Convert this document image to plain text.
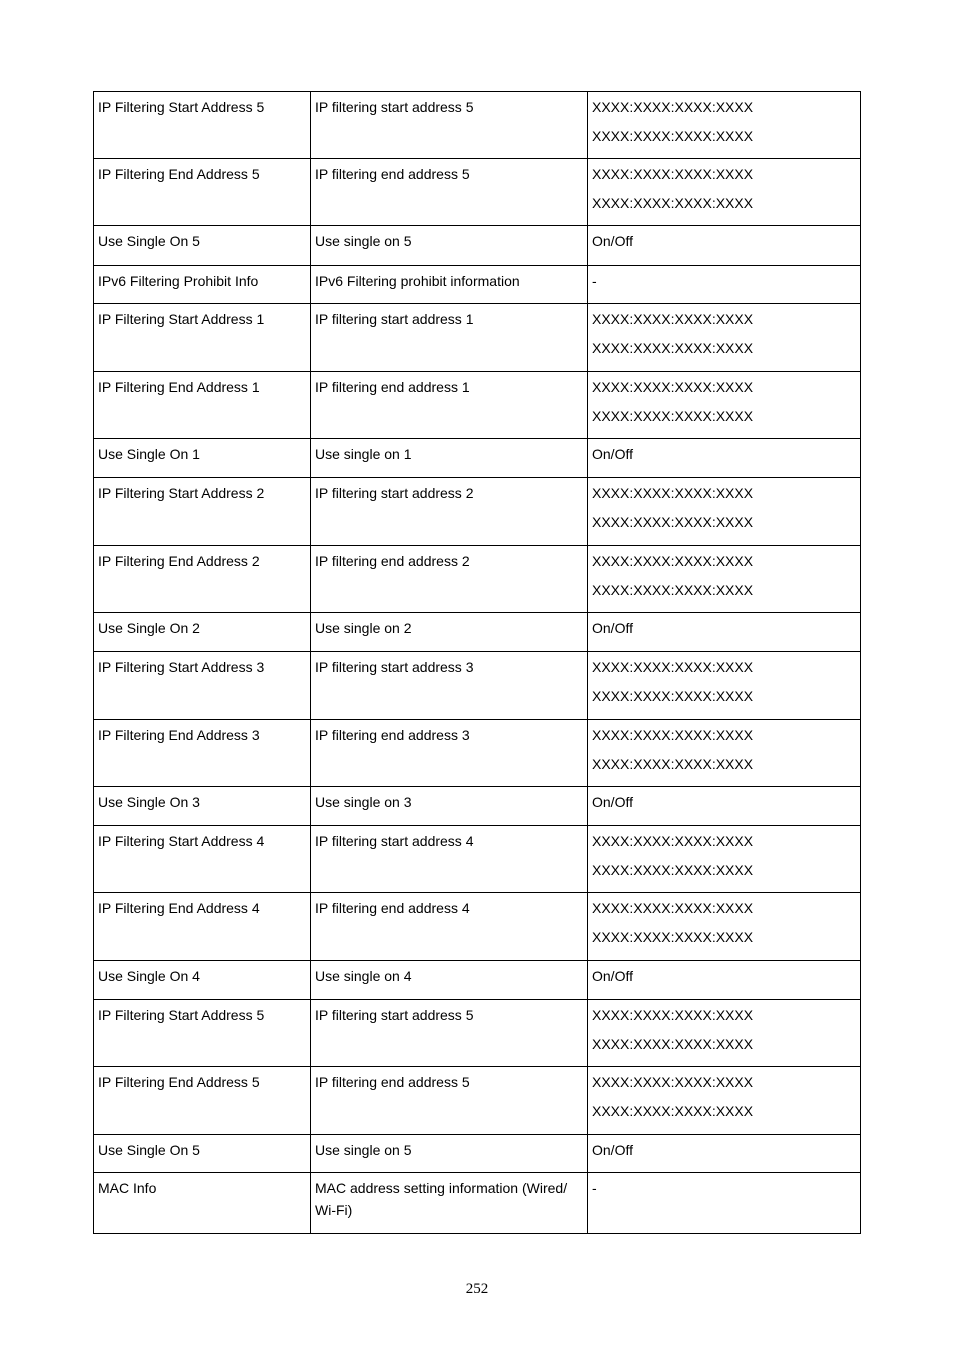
IP Filtering Start Address 5	IP filtering start address 5	XXXX:XXXX:XXXX:XXXX
XXXX:XXXX:XXXX:XXXX

IP Filtering End Address 5	IP filtering end address 5	XXXX:XXXX:XXXX:XXXX
XXXX:XXXX:XXXX:XXXX

Use Single On 5	Use single on 5	On/Off

IPv6 Filtering Prohibit Info	IPv6 Filtering prohibit information	-

IP Filtering Start Address 1	IP filtering start address 1	XXXX:XXXX:XXXX:XXXX
XXXX:XXXX:XXXX:XXXX

IP Filtering End Address 1	IP filtering end address 1	XXXX:XXXX:XXXX:XXXX
XXXX:XXXX:XXXX:XXXX

Use Single On 1	Use single on 1	On/Off

IP Filtering Start Address 2	IP filtering start address 2	XXXX:XXXX:XXXX:XXXX
XXXX:XXXX:XXXX:XXXX

IP Filtering End Address 2	IP filtering end address 2	XXXX:XXXX:XXXX:XXXX
XXXX:XXXX:XXXX:XXXX

Use Single On 2	Use single on 2	On/Off

IP Filtering Start Address 3	IP filtering start address 3	XXXX:XXXX:XXXX:XXXX
XXXX:XXXX:XXXX:XXXX

IP Filtering End Address 3	IP filtering end address 3	XXXX:XXXX:XXXX:XXXX
XXXX:XXXX:XXXX:XXXX

Use Single On 3	Use single on 3	On/Off

IP Filtering Start Address 4	IP filtering start address 4	XXXX:XXXX:XXXX:XXXX
XXXX:XXXX:XXXX:XXXX

IP Filtering End Address 4	IP filtering end address 4	XXXX:XXXX:XXXX:XXXX
XXXX:XXXX:XXXX:XXXX

Use Single On 4	Use single on 4	On/Off

IP Filtering Start Address 5	IP filtering start address 5	XXXX:XXXX:XXXX:XXXX
XXXX:XXXX:XXXX:XXXX

IP Filtering End Address 5	IP filtering end address 5	XXXX:XXXX:XXXX:XXXX
XXXX:XXXX:XXXX:XXXX

Use Single On 5	Use single on 5	On/Off

MAC Info	MAC address setting information (Wired/ Wi-Fi)	-
252
